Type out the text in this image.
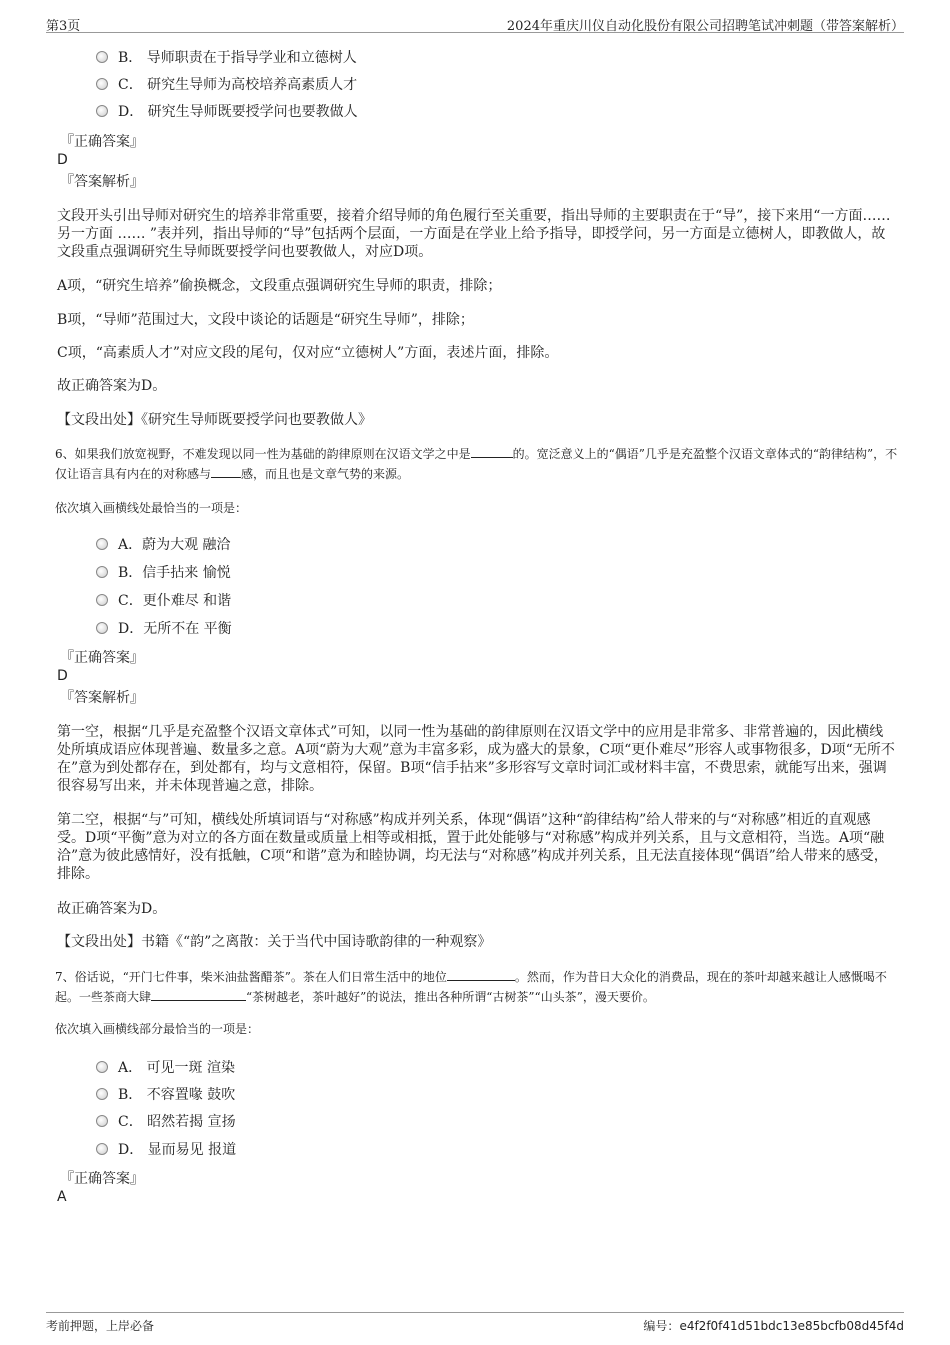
第3页	2024年重庆川仪自动化股份有限公司招聘笔试冲刺题（带答案解析）
B． 导师职责在于指导学业和立德树人
C． 研究生导师为高校培养高素质人才
D． 研究生导师既要授学问也要教做人
『正确答案』
D
『答案解析』

文段开头引出导师对研究生的培养非常重要，接着介绍导师的角色履行至关重要，指出导师的主要职责在于“导”，接下来用“一方面……另一方面 …… ”表并列，指出导师的“导”包括两个层面，一方面是在学业上给予指导，即授学问，另一方面是立德树人，即教做人，故文段重点强调研究生导师既要授学问也要教做人，对应D项。

A项，“研究生培养”偷换概念，文段重点强调研究生导师的职责，排除；

B项，“导师”范围过大，文段中谈论的话题是“研究生导师”，排除；

C项，“高素质人才”对应文段的尾句，仅对应“立德树人”方面，表述片面，排除。

故正确答案为D。

【文段出处】《研究生导师既要授学问也要教做人》

6、如果我们放宽视野，不难发现以同一性为基础的韵律原则在汉语文学之中是	的。宽泛意义上的“偶语”几乎是充盈整个汉语文章体式的“韵律结构”，不仅让语言具有内在的对称感与	感，而且也是文章气势的来源。

依次填入画横线处最恰当的一项是：
A．蔚为大观 融洽
B．信手拈来 愉悦
C．更仆难尽 和谐
D．无所不在 平衡
『正确答案』
D
『答案解析』

第一空，根据“几乎是充盈整个汉语文章体式”可知，以同一性为基础的韵律原则在汉语文学中的应用是非常多、非常普遍的，因此横线处所填成语应体现普遍、数量多之意。A项“蔚为大观”意为丰富多彩，成为盛大的景象，C项“更仆难尽”形容人或事物很多，D项“无所不在”意为到处都存在，到处都有，均与文意相符，保留。B项“信手拈来”多形容写文章时词汇或材料丰富，不费思索，就能写出来，强调很容易写出来，并未体现普遍之意，排除。

第二空，根据“与”可知，横线处所填词语与“对称感”构成并列关系，体现“偶语”这种“韵律结构”给人带来的与“对称感”相近的直观感受。D项“平衡”意为对立的各方面在数量或质量上相等或相抵，置于此处能够与“对称感”构成并列关系，且与文意相符，当选。A项“融洽”意为彼此感情好，没有抵触，C项“和谐”意为和睦协调，均无法与“对称感”构成并列关系，且无法直接体现“偶语”给人带来的感受，排除。

故正确答案为D。

【文段出处】书籍《“韵”之离散：关于当代中国诗歌韵律的一种观察》

7、俗话说，“开门七件事，柴米油盐酱醋茶”。茶在人们日常生活中的地位	。然而，作为昔日大众化的消费品，现在的茶叶却越来越让人感慨喝不起。一些茶商大肆	“茶树越老，茶叶越好”的说法，推出各种所谓“古树茶”“山头茶”，漫天要价。

依次填入画横线部分最恰当的一项是：
A． 可见一斑 渲染
B． 不容置喙 鼓吹
C． 昭然若揭 宣扬
D． 显而易见 报道
『正确答案』
A
考前押题，上岸必备	编号：e4f2f0f41d51bdc13e85bcfb08d45f4d
